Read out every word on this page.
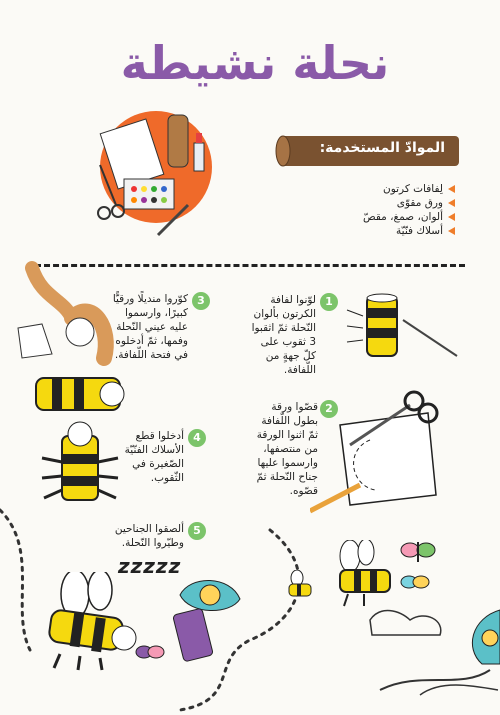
نحلة نشيطة
الموادّ المستخدمة:
لِفافات كرتون
ورق مقوّى
ألوان، صمغ، مقصّ
أسلاك فنّيّة
1
لوّنوا لفافة الكرتون بألوان النّحلة ثمّ اثقبوا 3 ثقوب على كلّ جهةٍ من اللّفافة.
2
قصّوا ورقة بطول اللّفافة ثمّ اثنوا الورقة من منتصفها، وارسموا عليها جناح النّحلة ثمّ قصّوه.
3
كوّروا منديلًا ورقيًّا كبيرًا، وارسموا عليه عيني النّحلة وفمها، ثمّ أدخلوه في فتحة اللّفافة.
4
أدخلوا قطع الأسلاك الفنّيّة الصّغيرة في الثّقوب.
5
ألصقوا الجناحين وطيّروا النّحلة.
zzzzz
